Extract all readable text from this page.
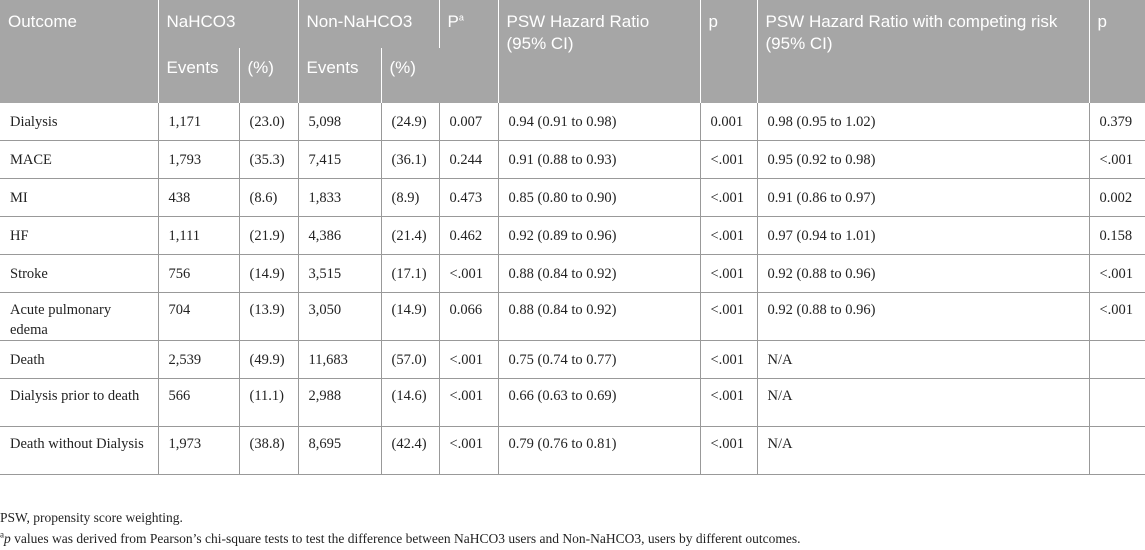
Outcome	NaHCO3		Non-NaHCO3		$P^a$	PSW Hazard Ratio (95% CI)	p	PSW Hazard Ratio with competing risk (95% CI)	p
	Events	(%)	Events	(%)					
Dialysis	1,171	(23.0)	5,098	(24.9)	0.007	0.94 (0.91 to 0.98)	0.001	0.98 (0.95 to 1.02)	0.379
MACE	1,793	(35.3)	7,415	(36.1)	0.244	0.91 (0.88 to 0.93)	<.001	0.95 (0.92 to 0.98)	<.001
MI	438	(8.6)	1,833	(8.9)	0.473	0.85 (0.80 to 0.90)	<.001	0.91 (0.86 to 0.97)	0.002
HF	1,111	(21.9)	4,386	(21.4)	0.462	0.92 (0.89 to 0.96)	<.001	0.97 (0.94 to 1.01)	0.158
Stroke	756	(14.9)	3,515	(17.1)	<.001	0.88 (0.84 to 0.92)	<.001	0.92 (0.88 to 0.96)	<.001
Acute pulmonary edema	704	(13.9)	3,050	(14.9)	0.066	0.88 (0.84 to 0.92)	<.001	0.92 (0.88 to 0.96)	<.001
Death	2,539	(49.9)	11,683	(57.0)	<.001	0.75 (0.74 to 0.77)	<.001	N/A	
Dialysis prior to death	566	(11.1)	2,988	(14.6)	<.001	0.66 (0.63 to 0.69)	<.001	N/A	
Death without Dialysis	1,973	(38.8)	8,695	(42.4)	<.001	0.79 (0.76 to 0.81)	<.001	N/A	

PSW, propensity score weighting.

$^a$p values was derived from Pearson’s chi-square tests to test the difference between NaHCO3 users and Non-NaHCO3, users by different outcomes.
